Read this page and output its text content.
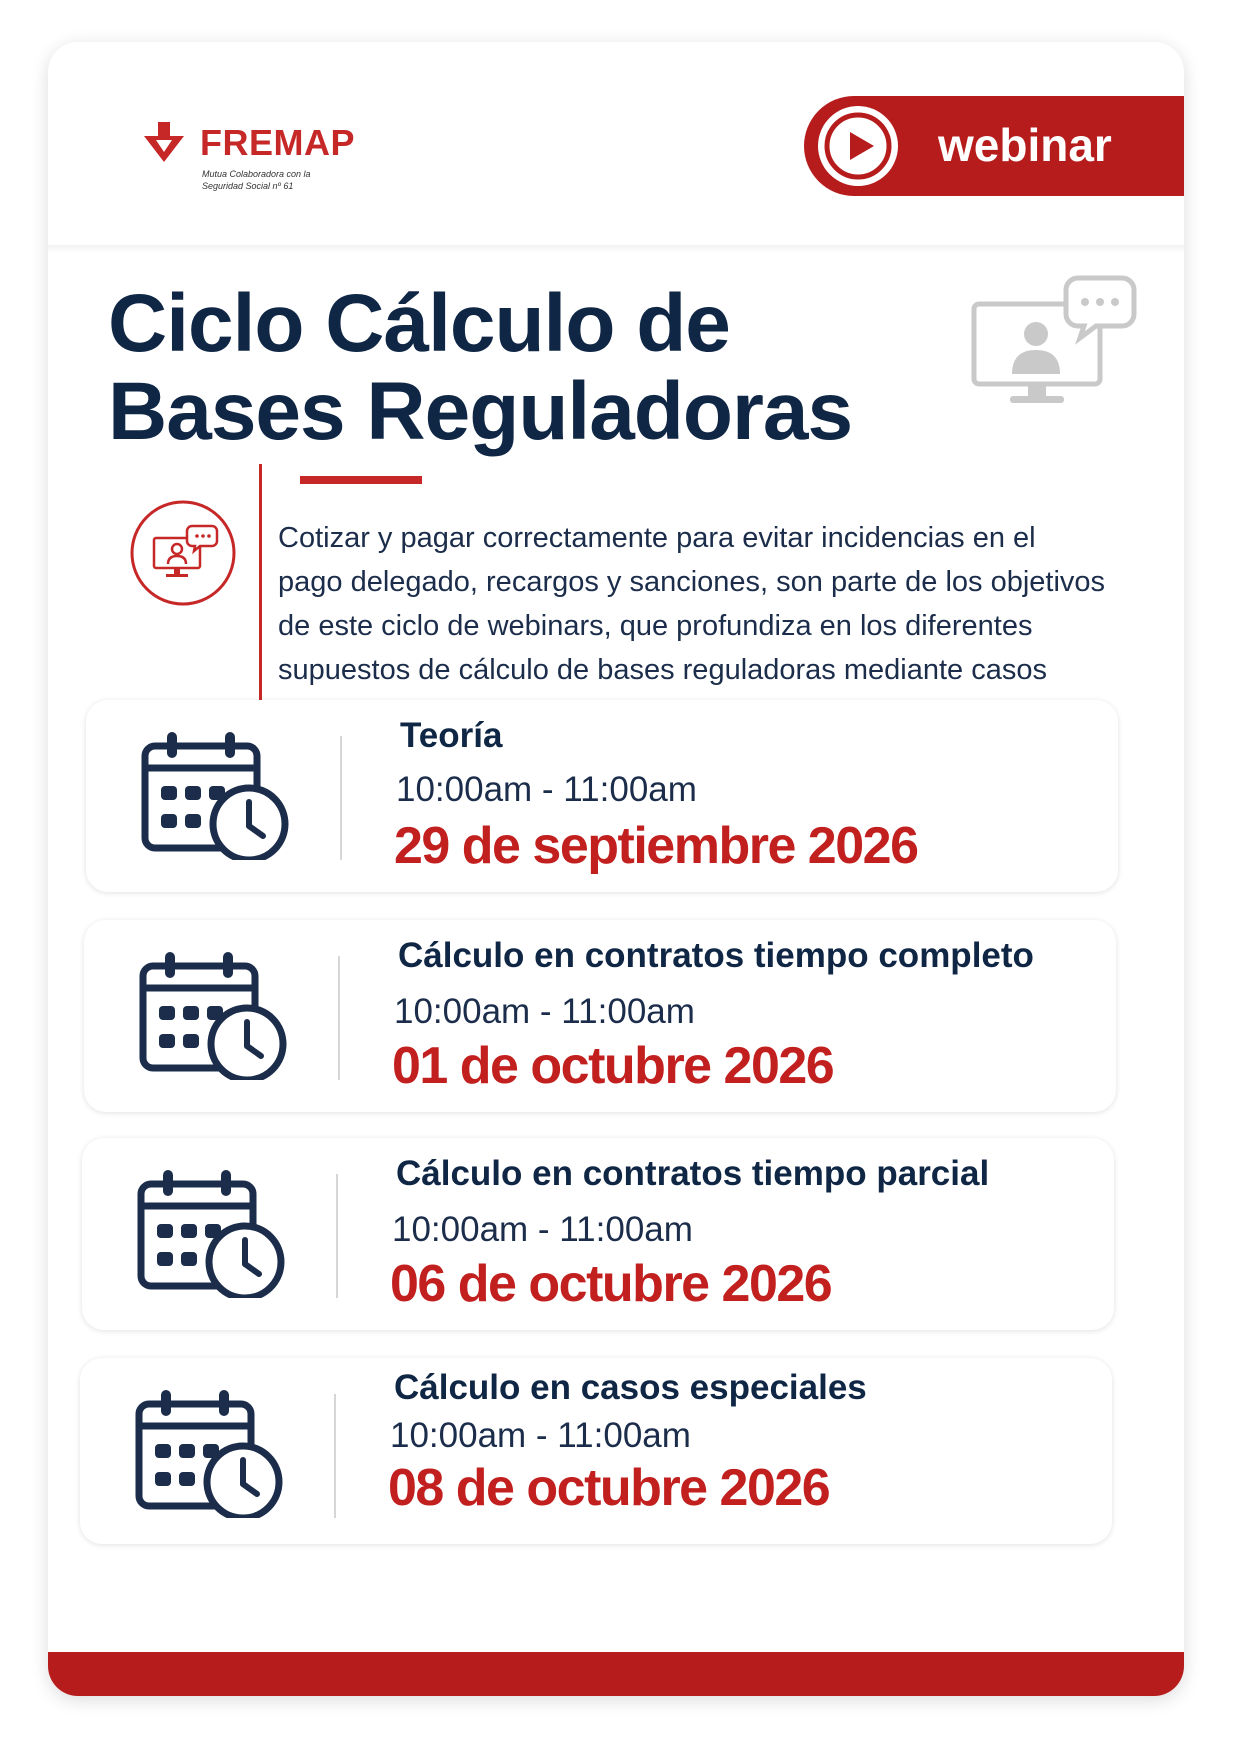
FREMAP
Mutua Colaboradora con la
Seguridad Social nº 61
webinar
Ciclo Cálculo de
Bases Reguladoras

Cotizar y pagar correctamente para evitar incidencias en el pago delegado, recargos y sanciones, son parte de los objetivos de este ciclo de webinars, que profundiza en los diferentes supuestos de cálculo de bases reguladoras mediante casos

Teoría
10:00am - 11:00am
29 de septiembre 2026
Cálculo en contratos tiempo completo
10:00am - 11:00am
01 de octubre 2026
Cálculo en contratos tiempo parcial
10:00am - 11:00am
06 de octubre 2026
Cálculo en casos especiales
10:00am - 11:00am
08 de octubre 2026
